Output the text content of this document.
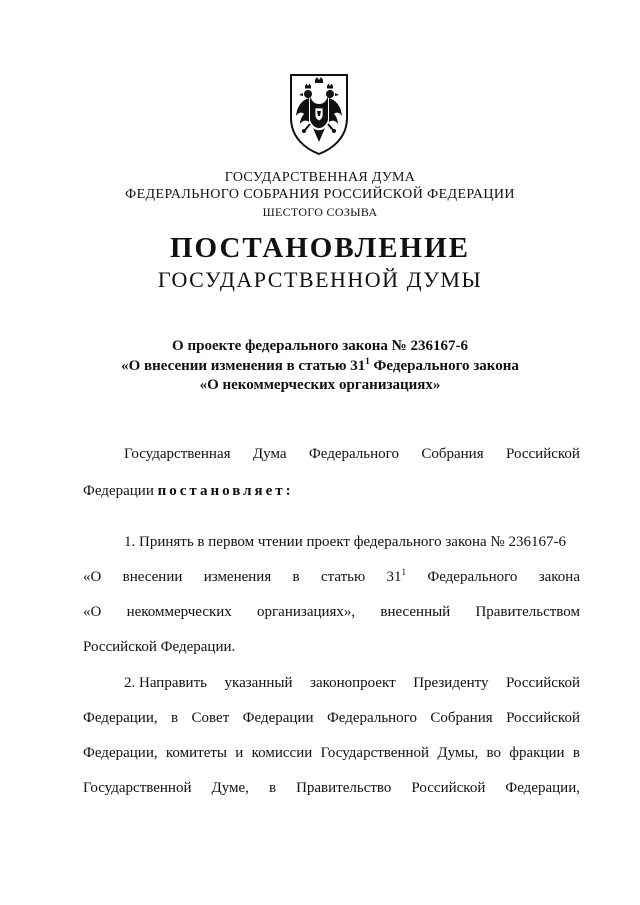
ГОСУДАРСТВЕННАЯ ДУМА
ФЕДЕРАЛЬНОГО СОБРАНИЯ РОССИЙСКОЙ ФЕДЕРАЦИИ
ШЕСТОГО СОЗЫВА
ПОСТАНОВЛЕНИЕ
ГОСУДАРСТВЕННОЙ ДУМЫ
О проекте федерального закона № 236167-6
«О внесении изменения в статью $31^1$ Федерального закона
«О некоммерческих организациях»
Государственная Дума Федерального Собрания Российской
Федерации постановляет:
1. Принять в первом чтении проект федерального закона № 236167-6
«О внесении изменения в статью $31^1$ Федерального закона
«О некоммерческих организациях», внесенный Правительством
Российской Федерации.
2. Направить указанный законопроект Президенту Российской
Федерации, в Совет Федерации Федерального Собрания Российской
Федерации, комитеты и комиссии Государственной Думы, во фракции в
Государственной Думе, в Правительство Российской Федерации,
